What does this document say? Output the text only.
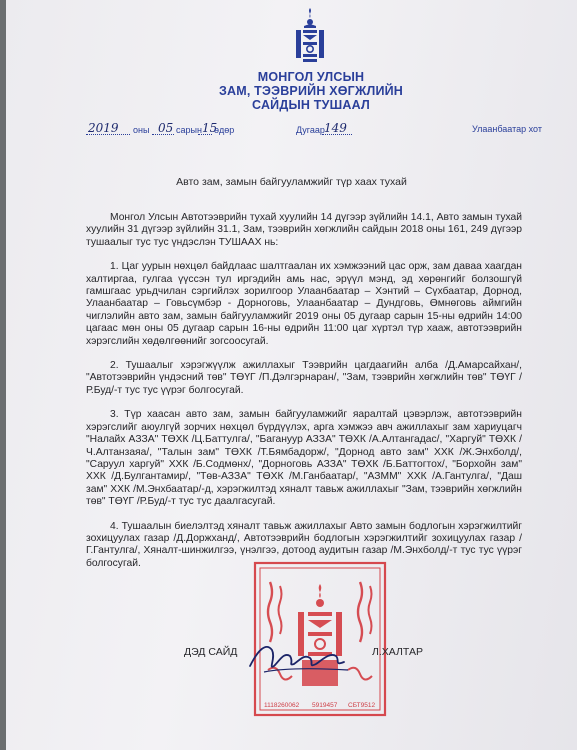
МОНГОЛ УЛСЫН
ЗАМ, ТЭЭВРИЙН ХӨГЖЛИЙН
САЙДЫН ТУШААЛ
2019 оны 05 сарын 15
өдөр	Дугаар 149	Улаанбаатар хот
Авто зам, замын байгууламжийг түр хаах тухай

Монгол Улсын Автотээврийн тухай хуулийн 14 дүгээр зүйлийн 14.1, Авто замын тухай хуулийн 31 дүгээр зүйлийн 31.1, Зам, тээврийн хөгжлийн сайдын 2018 оны 161, 249 дүгээр тушаалыг тус тус үндэслэн ТУШААХ нь:

1. Цаг уурын нөхцөл байдлаас шалтгаалан их хэмжээний цас орж, зам даваа хаагдан халтиргаа, гулгаа үүссэн тул иргэдийн амь нас, эрүүл мэнд, эд хөрөнгийг болзошгүй гамшгаас урьдчилан сэргийлэх зорилгоор Улаанбаатар – Хэнтий – Сүхбаатар, Дорнод, Улаанбаатар – Говьсүмбэр - Дорноговь, Улаанбаатар – Дундговь, Өмнөговь аймгийн чиглэлийн авто зам, замын байгууламжийг 2019 оны 05 дугаар сарын 15-ны өдрийн 14:00 цагаас мөн оны 05 дугаар сарын 16-ны өдрийн 11:00 цаг хүртэл түр хааж, автотээврийн хэрэгслийн хөдөлгөөнийг зогсоосугай.

2. Тушаалыг хэрэгжүүлж ажиллахыг Тээврийн цагдаагийн алба /Д.Амарсайхан/, "Автотээврийн үндэсний төв" ТӨҮГ /П.Дэлгэрнаран/, "Зам, тээврийн хөгжлийн төв" ТӨҮГ /Р.Буд/-т тус тус үүрэг болгосугай.

3. Түр хаасан авто зам, замын байгууламжийг яаралтай цэвэрлэж, автотээврийн хэрэгслийг аюулгүй зорчих нөхцөл бүрдүүлэх, арга хэмжээ авч ажиллахыг зам хариуцагч "Налайх АЗЗА" ТӨХК /Ц.Баттулга/, "Багануур АЗЗА" ТӨХК /А.Алтангадас/, "Харгуй" ТӨХК /Ч.Алтанзаяа/, "Талын зам" ТӨХК /Т.Бямбадорж/, "Дорнод авто зам" ХХК /Ж.Энхболд/, "Саруул харгуй" ХХК /Б.Содмөнх/, "Дорноговь АЗЗА" ТӨХК /Б.Баттогтох/, "Борхойн зам" ХХК /Д.Булгантамир/, "Төв-АЗЗА" ТӨХК /М.Ганбаатар/, "АЗММ" ХХК /А.Гантулга/, "Даш зам" ХХК /М.Энхбаатар/-д, хэрэгжилтэд хяналт тавьж ажиллахыг "Зам, тээврийн хөгжлийн төв" ТӨҮГ /Р.Буд/-т тус тус даалгасугай.

4. Тушаалын биелэлтэд хяналт тавьж ажиллахыг Авто замын бодлогын хэрэгжилтийг зохицуулах газар /Д.Доржханд/, Автотээврийн бодлогын хэрэгжилтийг зохицуулах газар /Г.Гантулга/, Хяналт-шинжилгээ, үнэлгээ, дотоод аудитын газар /М.Энхболд/-т тус тус үүрэг болгосугай.

1118260062 5919457 СБТ9512
ДЭД САЙД	Л.ХАЛТАР
